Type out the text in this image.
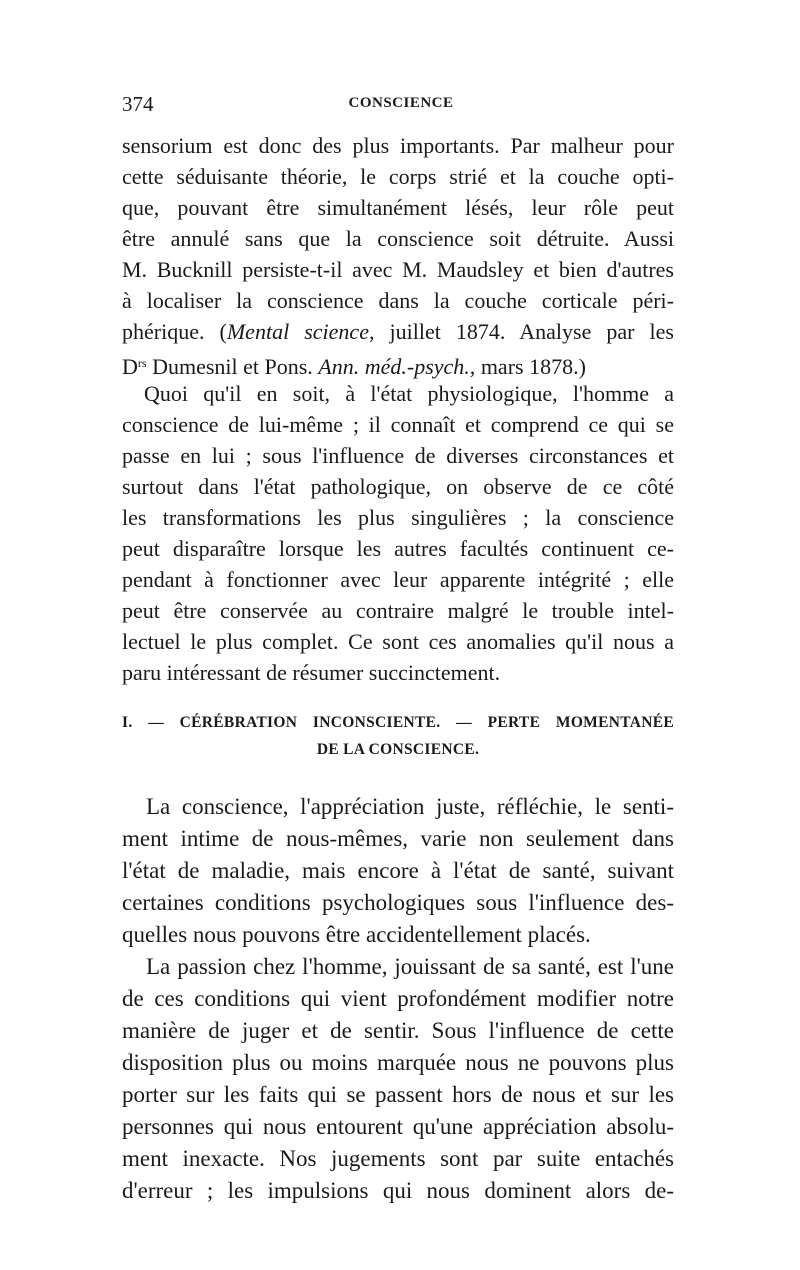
374	CONSCIENCE
sensorium est donc des plus importants. Par malheur pour
cette séduisante théorie, le corps strié et la couche opti-
que, pouvant être simultanément lésés, leur rôle peut
être annulé sans que la conscience soit détruite. Aussi
M. Bucknill persiste-t-il avec M. Maudsley et bien d'autres
à localiser la conscience dans la couche corticale péri-
phérique. (Mental science, juillet 1874. Analyse par les
$D^{rs}$ Dumesnil et Pons. Ann. méd.-psych., mars 1878.)
Quoi qu'il en soit, à l'état physiologique, l'homme a
conscience de lui-même ; il connaît et comprend ce qui se
passe en lui ; sous l'influence de diverses circonstances et
surtout dans l'état pathologique, on observe de ce côté
les transformations les plus singulières ; la conscience
peut disparaître lorsque les autres facultés continuent ce-
pendant à fonctionner avec leur apparente intégrité ; elle
peut être conservée au contraire malgré le trouble intel-
lectuel le plus complet. Ce sont ces anomalies qu'il nous a
paru intéressant de résumer succinctement.
I. — CÉRÉBRATION INCONSCIENTE. — PERTE MOMENTANÉE
DE LA CONSCIENCE.
La conscience, l'appréciation juste, réfléchie, le senti-
ment intime de nous-mêmes, varie non seulement dans
l'état de maladie, mais encore à l'état de santé, suivant
certaines conditions psychologiques sous l'influence des-
quelles nous pouvons être accidentellement placés.
La passion chez l'homme, jouissant de sa santé, est l'une
de ces conditions qui vient profondément modifier notre
manière de juger et de sentir. Sous l'influence de cette
disposition plus ou moins marquée nous ne pouvons plus
porter sur les faits qui se passent hors de nous et sur les
personnes qui nous entourent qu'une appréciation absolu-
ment inexacte. Nos jugements sont par suite entachés
d'erreur ; les impulsions qui nous dominent alors de-
